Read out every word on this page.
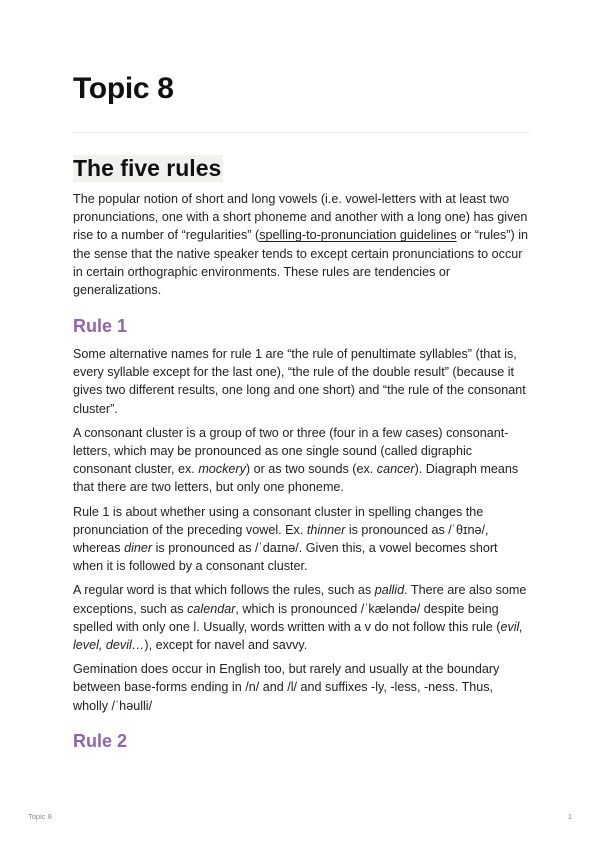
Topic 8
The five rules

The popular notion of short and long vowels (i.e. vowel-letters with at least two pronunciations, one with a short phoneme and another with a long one) has given rise to a number of “regularities” (spelling-to-pronunciation guidelines or “rules”) in the sense that the native speaker tends to except certain pronunciations to occur in certain orthographic environments. These rules are tendencies or generalizations.

Rule 1

Some alternative names for rule 1 are “the rule of penultimate syllables” (that is, every syllable except for the last one), “the rule of the double result” (because it gives two different results, one long and one short) and “the rule of the consonant cluster”.

A consonant cluster is a group of two or three (four in a few cases) consonant-letters, which may be pronounced as one single sound (called digraphic consonant cluster, ex. mockery) or as two sounds (ex. cancer). Diagraph means that there are two letters, but only one phoneme.

Rule 1 is about whether using a consonant cluster in spelling changes the pronunciation of the preceding vowel. Ex. thinner is pronounced as /ˈθɪnə/, whereas diner is pronounced as /ˈdaɪnə/. Given this, a vowel becomes short when it is followed by a consonant cluster.

A regular word is that which follows the rules, such as pallid. There are also some exceptions, such as calendar, which is pronounced /ˈkæləndə/ despite being spelled with only one l. Usually, words written with a v do not follow this rule (evil, level, devil…), except for navel and savvy.

Gemination does occur in English too, but rarely and usually at the boundary between base-forms ending in /n/ and /l/ and suffixes -ly, -less, -ness. Thus, wholly /ˈhəulli/

Rule 2
Topic 8	1
